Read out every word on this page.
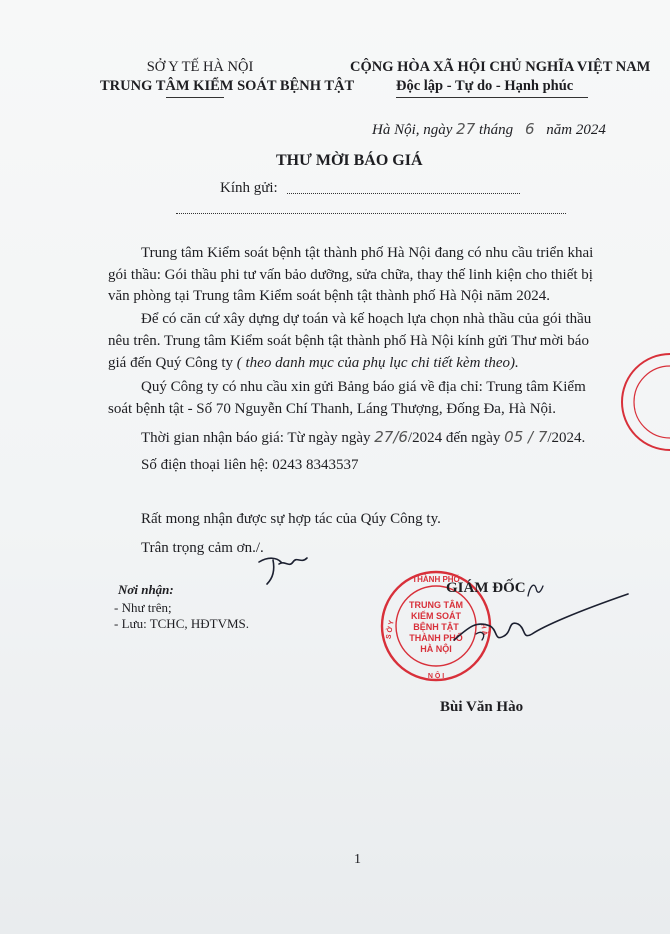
SỞ Y TẾ HÀ NỘI
TRUNG TÂM KIỂM SOÁT BỆNH TẬT
CỘNG HÒA XÃ HỘI CHỦ NGHĨA VIỆT NAM
Độc lập - Tự do - Hạnh phúc
Hà Nội, ngày 27 tháng 6 năm 2024
THƯ MỜI BÁO GIÁ
Kính gửi:
Trung tâm Kiểm soát bệnh tật thành phố Hà Nội đang có nhu cầu triển khai
gói thầu: Gói thầu phi tư vấn bảo dưỡng, sửa chữa, thay thế linh kiện cho thiết bị
văn phòng tại Trung tâm Kiểm soát bệnh tật thành phố Hà Nội năm 2024.
Để có căn cứ xây dựng dự toán và kế hoạch lựa chọn nhà thầu của gói thầu
nêu trên. Trung tâm Kiểm soát bệnh tật thành phố Hà Nội kính gửi Thư mời báo
giá đến Quý Công ty ( theo danh mục của phụ lục chi tiết kèm theo).
Quý Công ty có nhu cầu xin gửi Bảng báo giá về địa chỉ: Trung tâm Kiểm
soát bệnh tật - Số 70 Nguyễn Chí Thanh, Láng Thượng, Đống Đa, Hà Nội.
Thời gian nhận báo giá: Từ ngày ngày 27/6/2024 đến ngày 05 / 7/2024.
Số điện thoại liên hệ: 0243 8343537
Rất mong nhận được sự hợp tác của Qúy Công ty.
Trân trọng cảm ơn./.
Nơi nhận:
- Như trên;
- Lưu: TCHC, HĐTVMS.
THÀNH PHỐ
S Ở Y	H À
N Ộ I
TRUNG TÂM
KIỂM SOÁT
BỆNH TẬT
THÀNH PHỐ
HÀ NỘI
GIÁM ĐỐC
Bùi Văn Hào
1
